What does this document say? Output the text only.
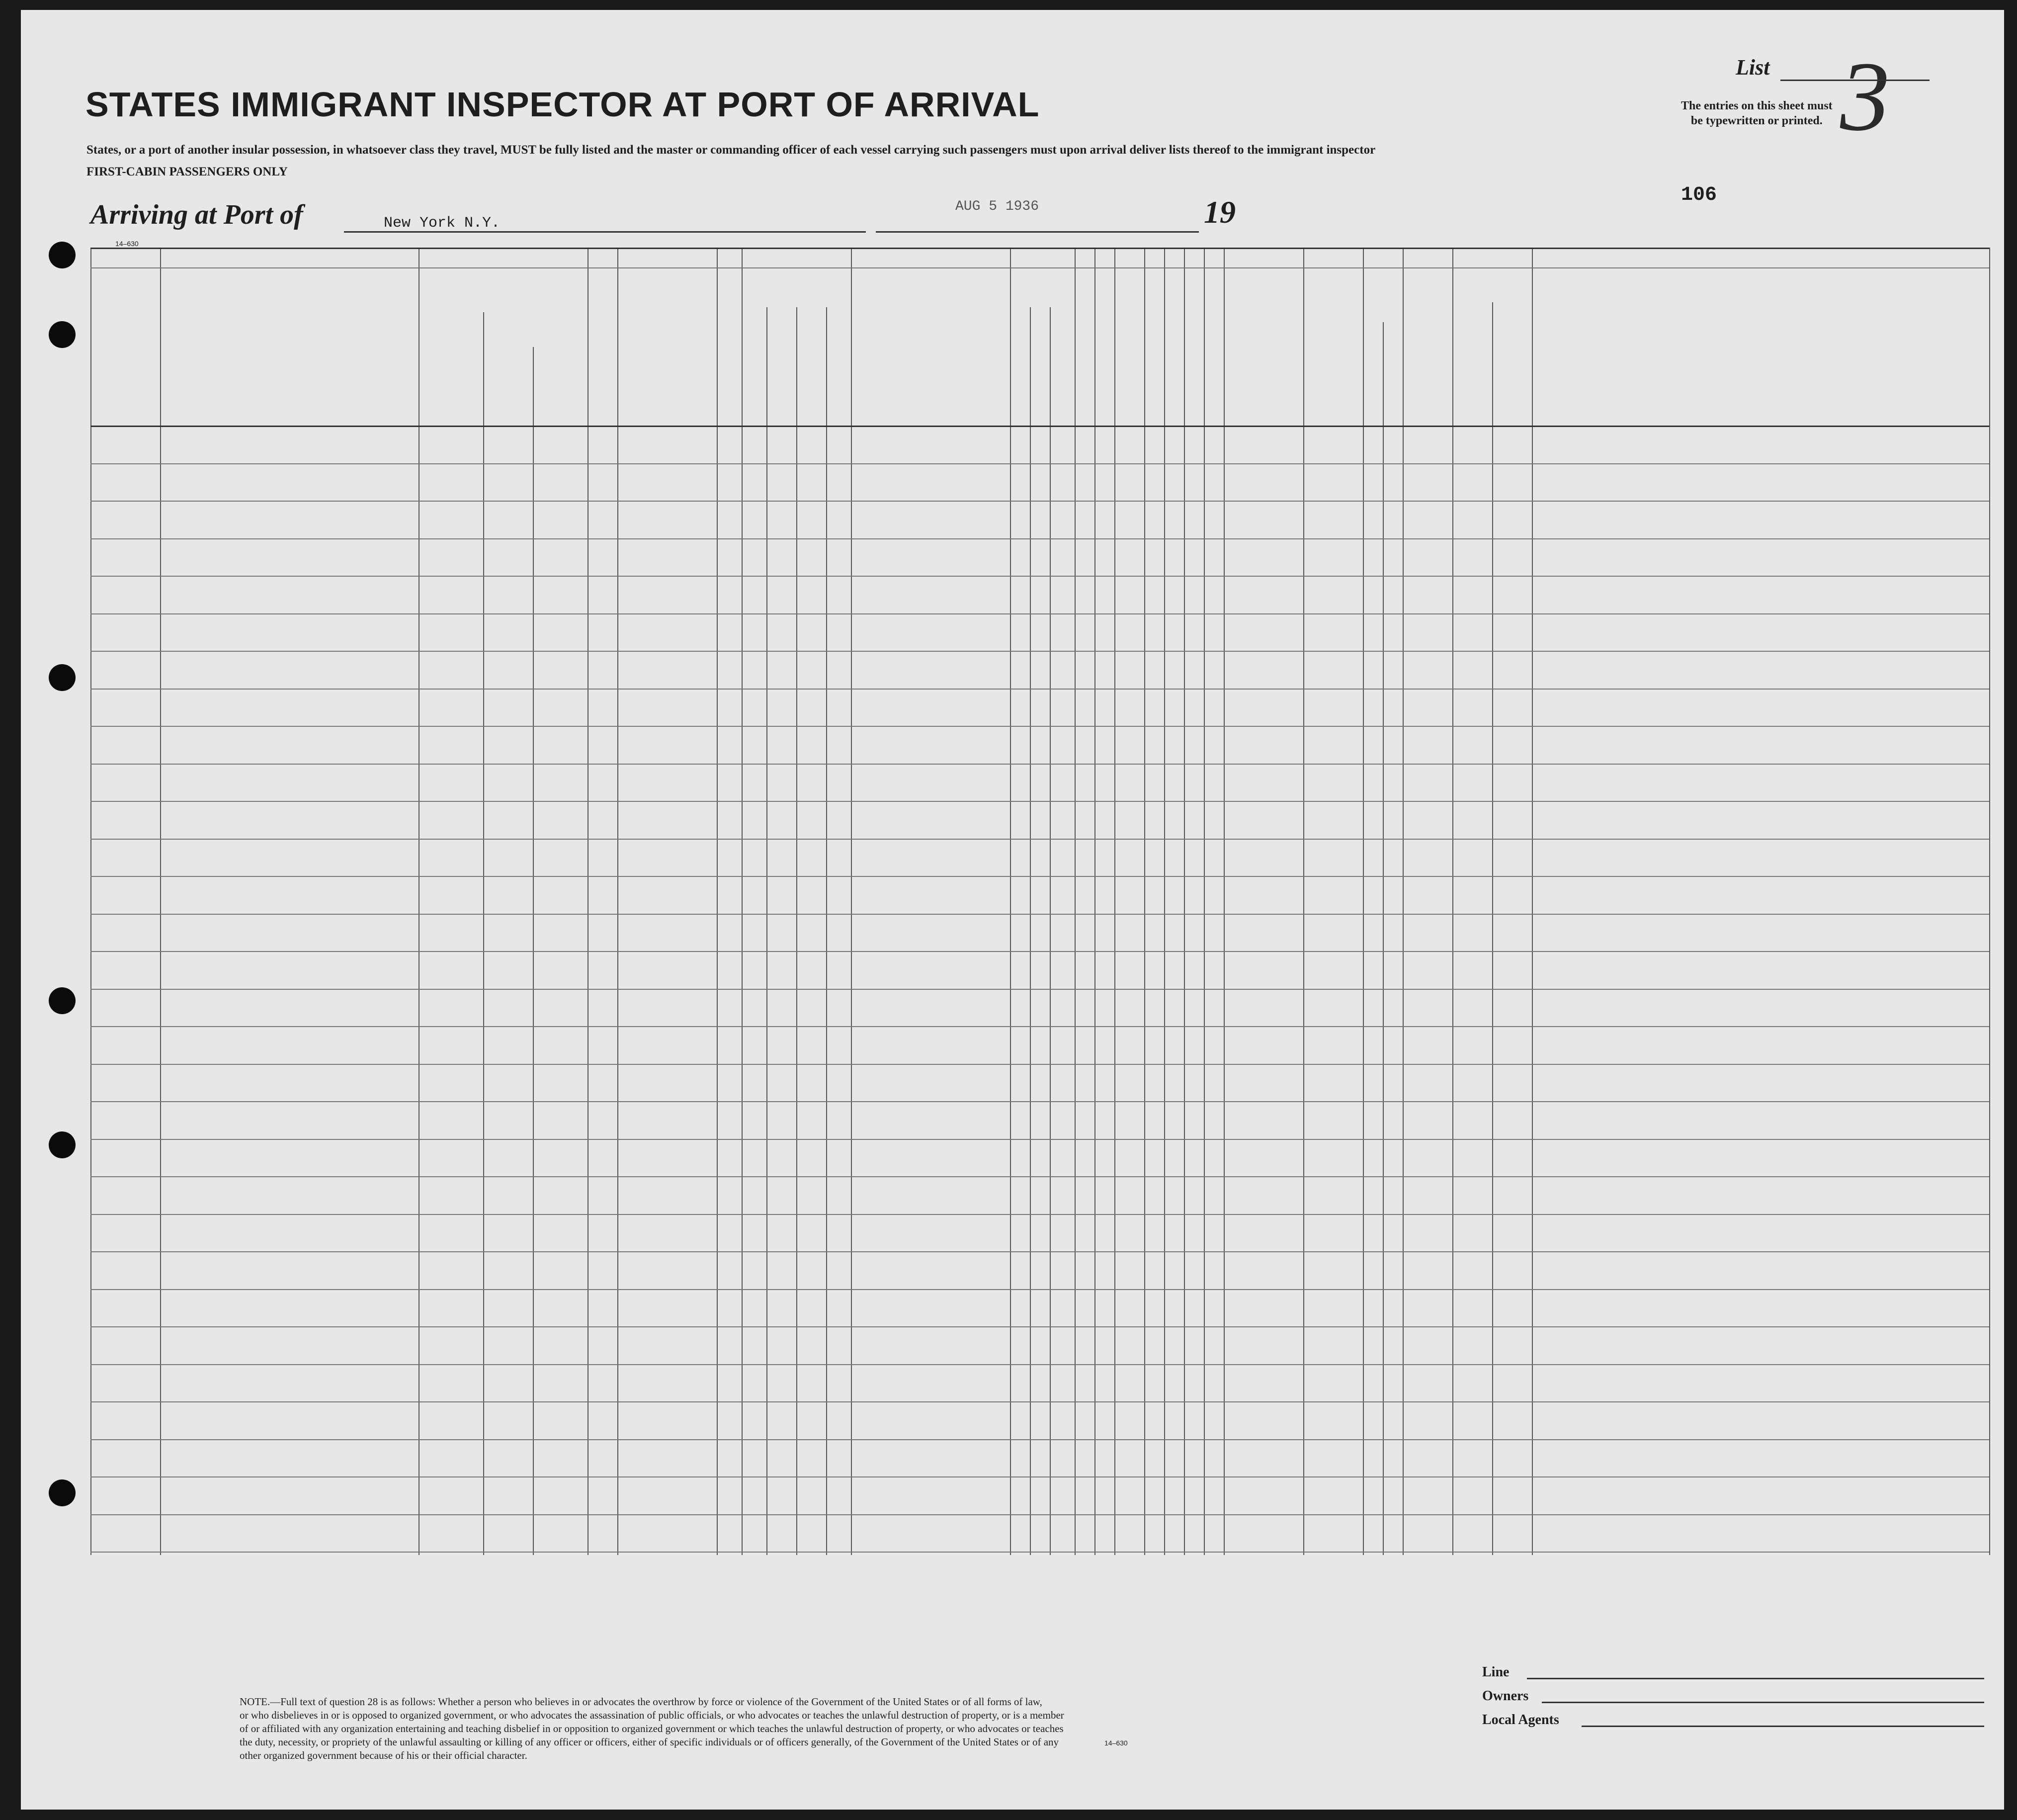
STATES IMMIGRANT INSPECTOR AT PORT OF ARRIVAL
States, or a port of another insular possession, in whatsoever class they travel, MUST be fully listed and the master or commanding officer of each vessel carrying such passengers must upon arrival deliver lists thereof to the immigrant inspector
FIRST-CABIN PASSENGERS ONLY
List 3
The entries on this sheet must
be typewritten or printed.
Arriving at Port of	New York N.Y.
AUG 5 1936	19	106
14–630
NOTE.—Full text of question 28 is as follows: Whether a person who believes in or advocates the overthrow by force or violence of the Government of the United States or of all forms of law,
or who disbelieves in or is opposed to organized government, or who advocates the assassination of public officials, or who advocates or teaches the unlawful destruction of property, or is a member
of or affiliated with any organization entertaining and teaching disbelief in or opposition to organized government or which teaches the unlawful destruction of property, or who advocates or teaches
the duty, necessity, or propriety of the unlawful assaulting or killing of any officer or officers, either of specific individuals or of officers generally, of the Government of the United States or of any
other organized government because of his or their official character.
Line
Owners
Local Agents
14–630
